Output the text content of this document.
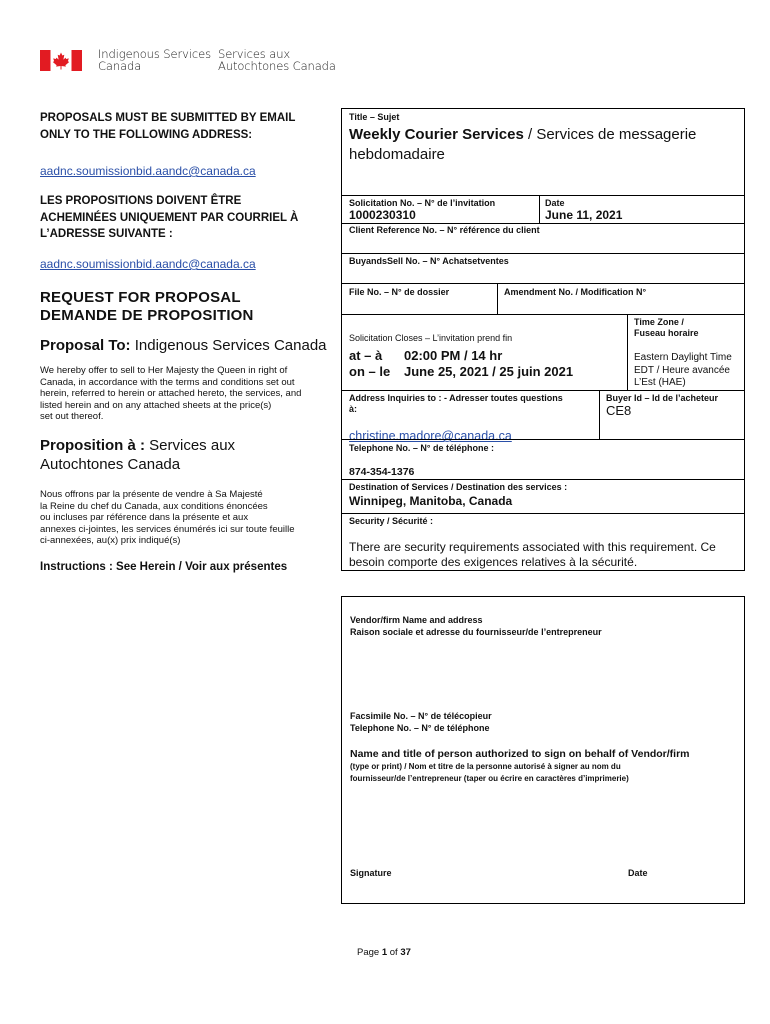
Indigenous Services
Canada
Services aux
Autochtones Canada
PROPOSALS MUST BE SUBMITTED BY EMAIL
ONLY TO THE FOLLOWING ADDRESS:
aadnc.soumissionbid.aandc@canada.ca
LES PROPOSITIONS DOIVENT ÊTRE
ACHEMINÉES UNIQUEMENT PAR COURRIEL À
L’ADRESSE SUIVANTE :
aadnc.soumissionbid.aandc@canada.ca
REQUEST FOR PROPOSAL
DEMANDE DE PROPOSITION
Proposal To: Indigenous Services Canada
We hereby offer to sell to Her Majesty the Queen in right of
Canada, in accordance with the terms and conditions set out
herein, referred to herein or attached hereto, the services, and
listed herein and on any attached sheets at the price(s)
set out thereof.
Proposition à : Services aux
Autochtones Canada
Nous offrons par la présente de vendre à Sa Majesté
la Reine du chef du Canada, aux conditions énoncées
ou incluses par référence dans la présente et aux
annexes ci-jointes, les services énumérés ici sur toute feuille
ci-annexées, au(x) prix indiqué(s)
Instructions : See Herein / Voir aux présentes
Title – Sujet
Weekly Courier Services / Services de messagerie
hebdomadaire
Solicitation No. – N° de l’invitation
1000230310
Date
June 11, 2021
Client Reference No. – N° référence du client
BuyandsSell No. – N° Achatsetventes
File No. – N° de dossier	Amendment No. / Modification N°
Solicitation Closes – L’invitation prend fin
at – à 02:00 PM / 14 hr
on – le June 25, 2021 / 25 juin 2021
Time Zone /
Fuseau horaire
Eastern Daylight Time
EDT / Heure avancée
L’Est (HAE)
Address Inquiries to : - Adresser toutes questions
à:
Buyer Id – Id de l’acheteur
CE8
christine.madore@canada.ca
Telephone No. – N° de téléphone :
874-354-1376
Destination of Services / Destination des services :
Winnipeg, Manitoba, Canada
Security / Sécurité :
There are security requirements associated with this requirement. Ce
besoin comporte des exigences relatives à la sécurité.
Vendor/firm Name and address
Raison sociale et adresse du fournisseur/de l’entrepreneur
Facsimile No. – N° de télécopieur
Telephone No. – N° de téléphone
Name and title of person authorized to sign on behalf of Vendor/firm
(type or print) / Nom et titre de la personne autorisé à signer au nom du
fournisseur/de l’entrepreneur (taper ou écrire en caractères d’imprimerie)
Signature	Date
Page 1 of 37
